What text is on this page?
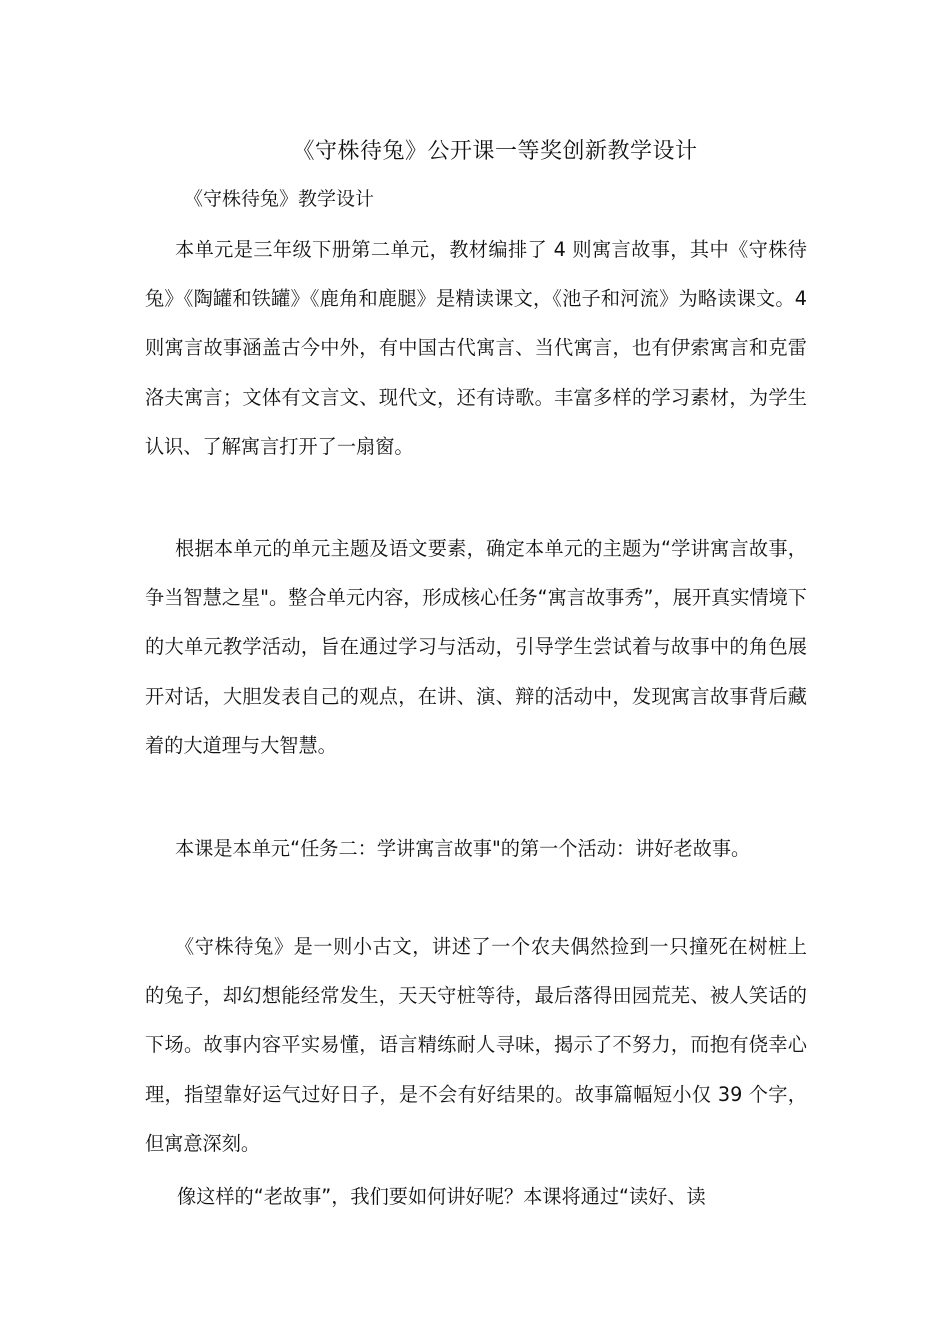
《守株待兔》公开课一等奖创新教学设计

《守株待兔》教学设计

本单元是三年级下册第二单元，教材编排了 4 则寓言故事，其中《守株待兔》《陶罐和铁罐》《鹿角和鹿腿》是精读课文，《池子和河流》为略读课文。4 则寓言故事涵盖古今中外，有中国古代寓言、当代寓言，也有伊索寓言和克雷洛夫寓言；文体有文言文、现代文，还有诗歌。丰富多样的学习素材，为学生认识、了解寓言打开了一扇窗。

根据本单元的单元主题及语文要素，确定本单元的主题为“学讲寓言故事，争当智慧之星"。整合单元内容，形成核心任务“寓言故事秀”，展开真实情境下的大单元教学活动，旨在通过学习与活动，引导学生尝试着与故事中的角色展开对话，大胆发表自己的观点，在讲、演、辩的活动中，发现寓言故事背后藏着的大道理与大智慧。

本课是本单元“任务二：学讲寓言故事"的第一个活动：讲好老故事。

《守株待兔》是一则小古文，讲述了一个农夫偶然捡到一只撞死在树桩上的兔子，却幻想能经常发生，天天守桩等待，最后落得田园荒芜、被人笑话的下场。故事内容平实易懂，语言精练耐人寻味，揭示了不努力，而抱有侥幸心理，指望靠好运气过好日子，是不会有好结果的。故事篇幅短小仅 39 个字，但寓意深刻。

像这样的“老故事”，我们要如何讲好呢？本课将通过“读好、读
